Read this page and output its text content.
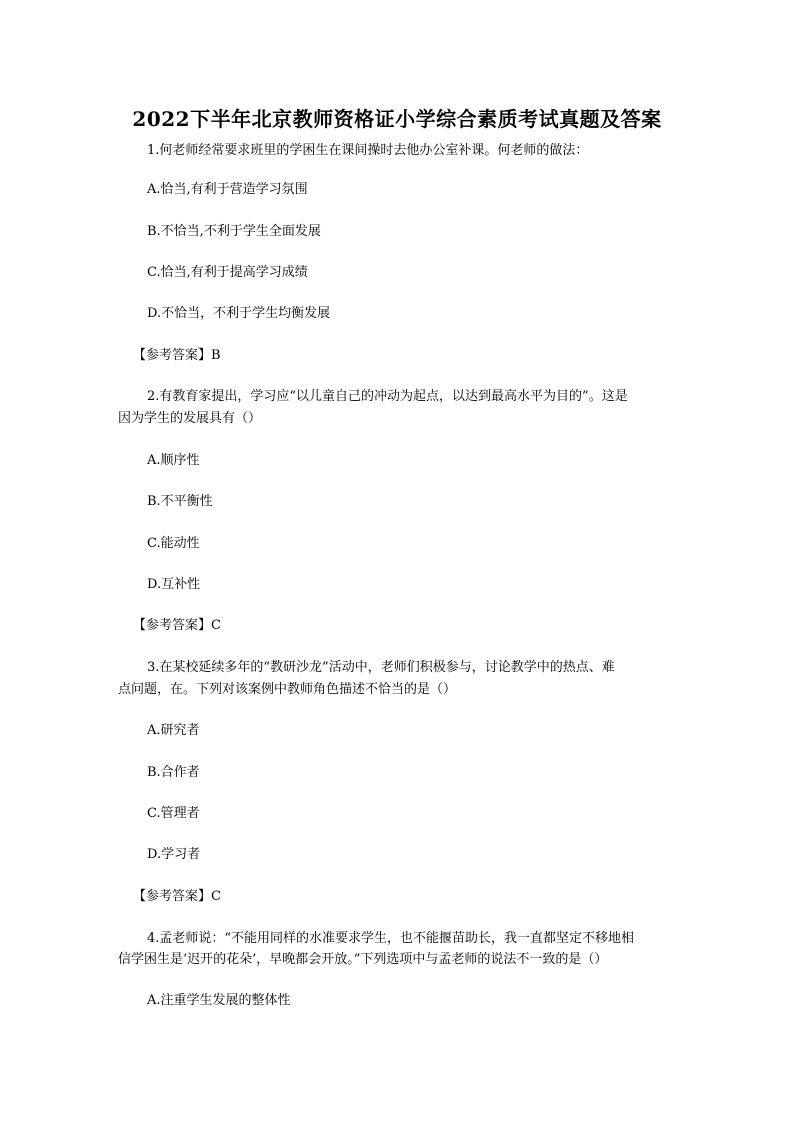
2022下半年北京教师资格证小学综合素质考试真题及答案
1.何老师经常要求班里的学困生在课间操时去他办公室补课。何老师的做法：
A.恰当,有利于营造学习氛围
B.不恰当,不利于学生全面发展
C.恰当,有利于提高学习成绩
D.不恰当，不利于学生均衡发展
【参考答案】B
2.有教育家提出，学习应“以儿童自己的冲动为起点，以达到最高水平为目的”。这是
因为学生的发展具有（）
A.顺序性
B.不平衡性
C.能动性
D.互补性
【参考答案】C
3.在某校延续多年的“教研沙龙”活动中，老师们积极参与，讨论教学中的热点、难
点问题，在。下列对该案例中教师角色描述不恰当的是（）
A.研究者
B.合作者
C.管理者
D.学习者
【参考答案】C
4.孟老师说：“不能用同样的水准要求学生，也不能揠苗助长，我一直都坚定不移地相
信学困生是‘迟开的花朵’，早晚都会开放。”下列选项中与孟老师的说法不一致的是（）
A.注重学生发展的整体性
